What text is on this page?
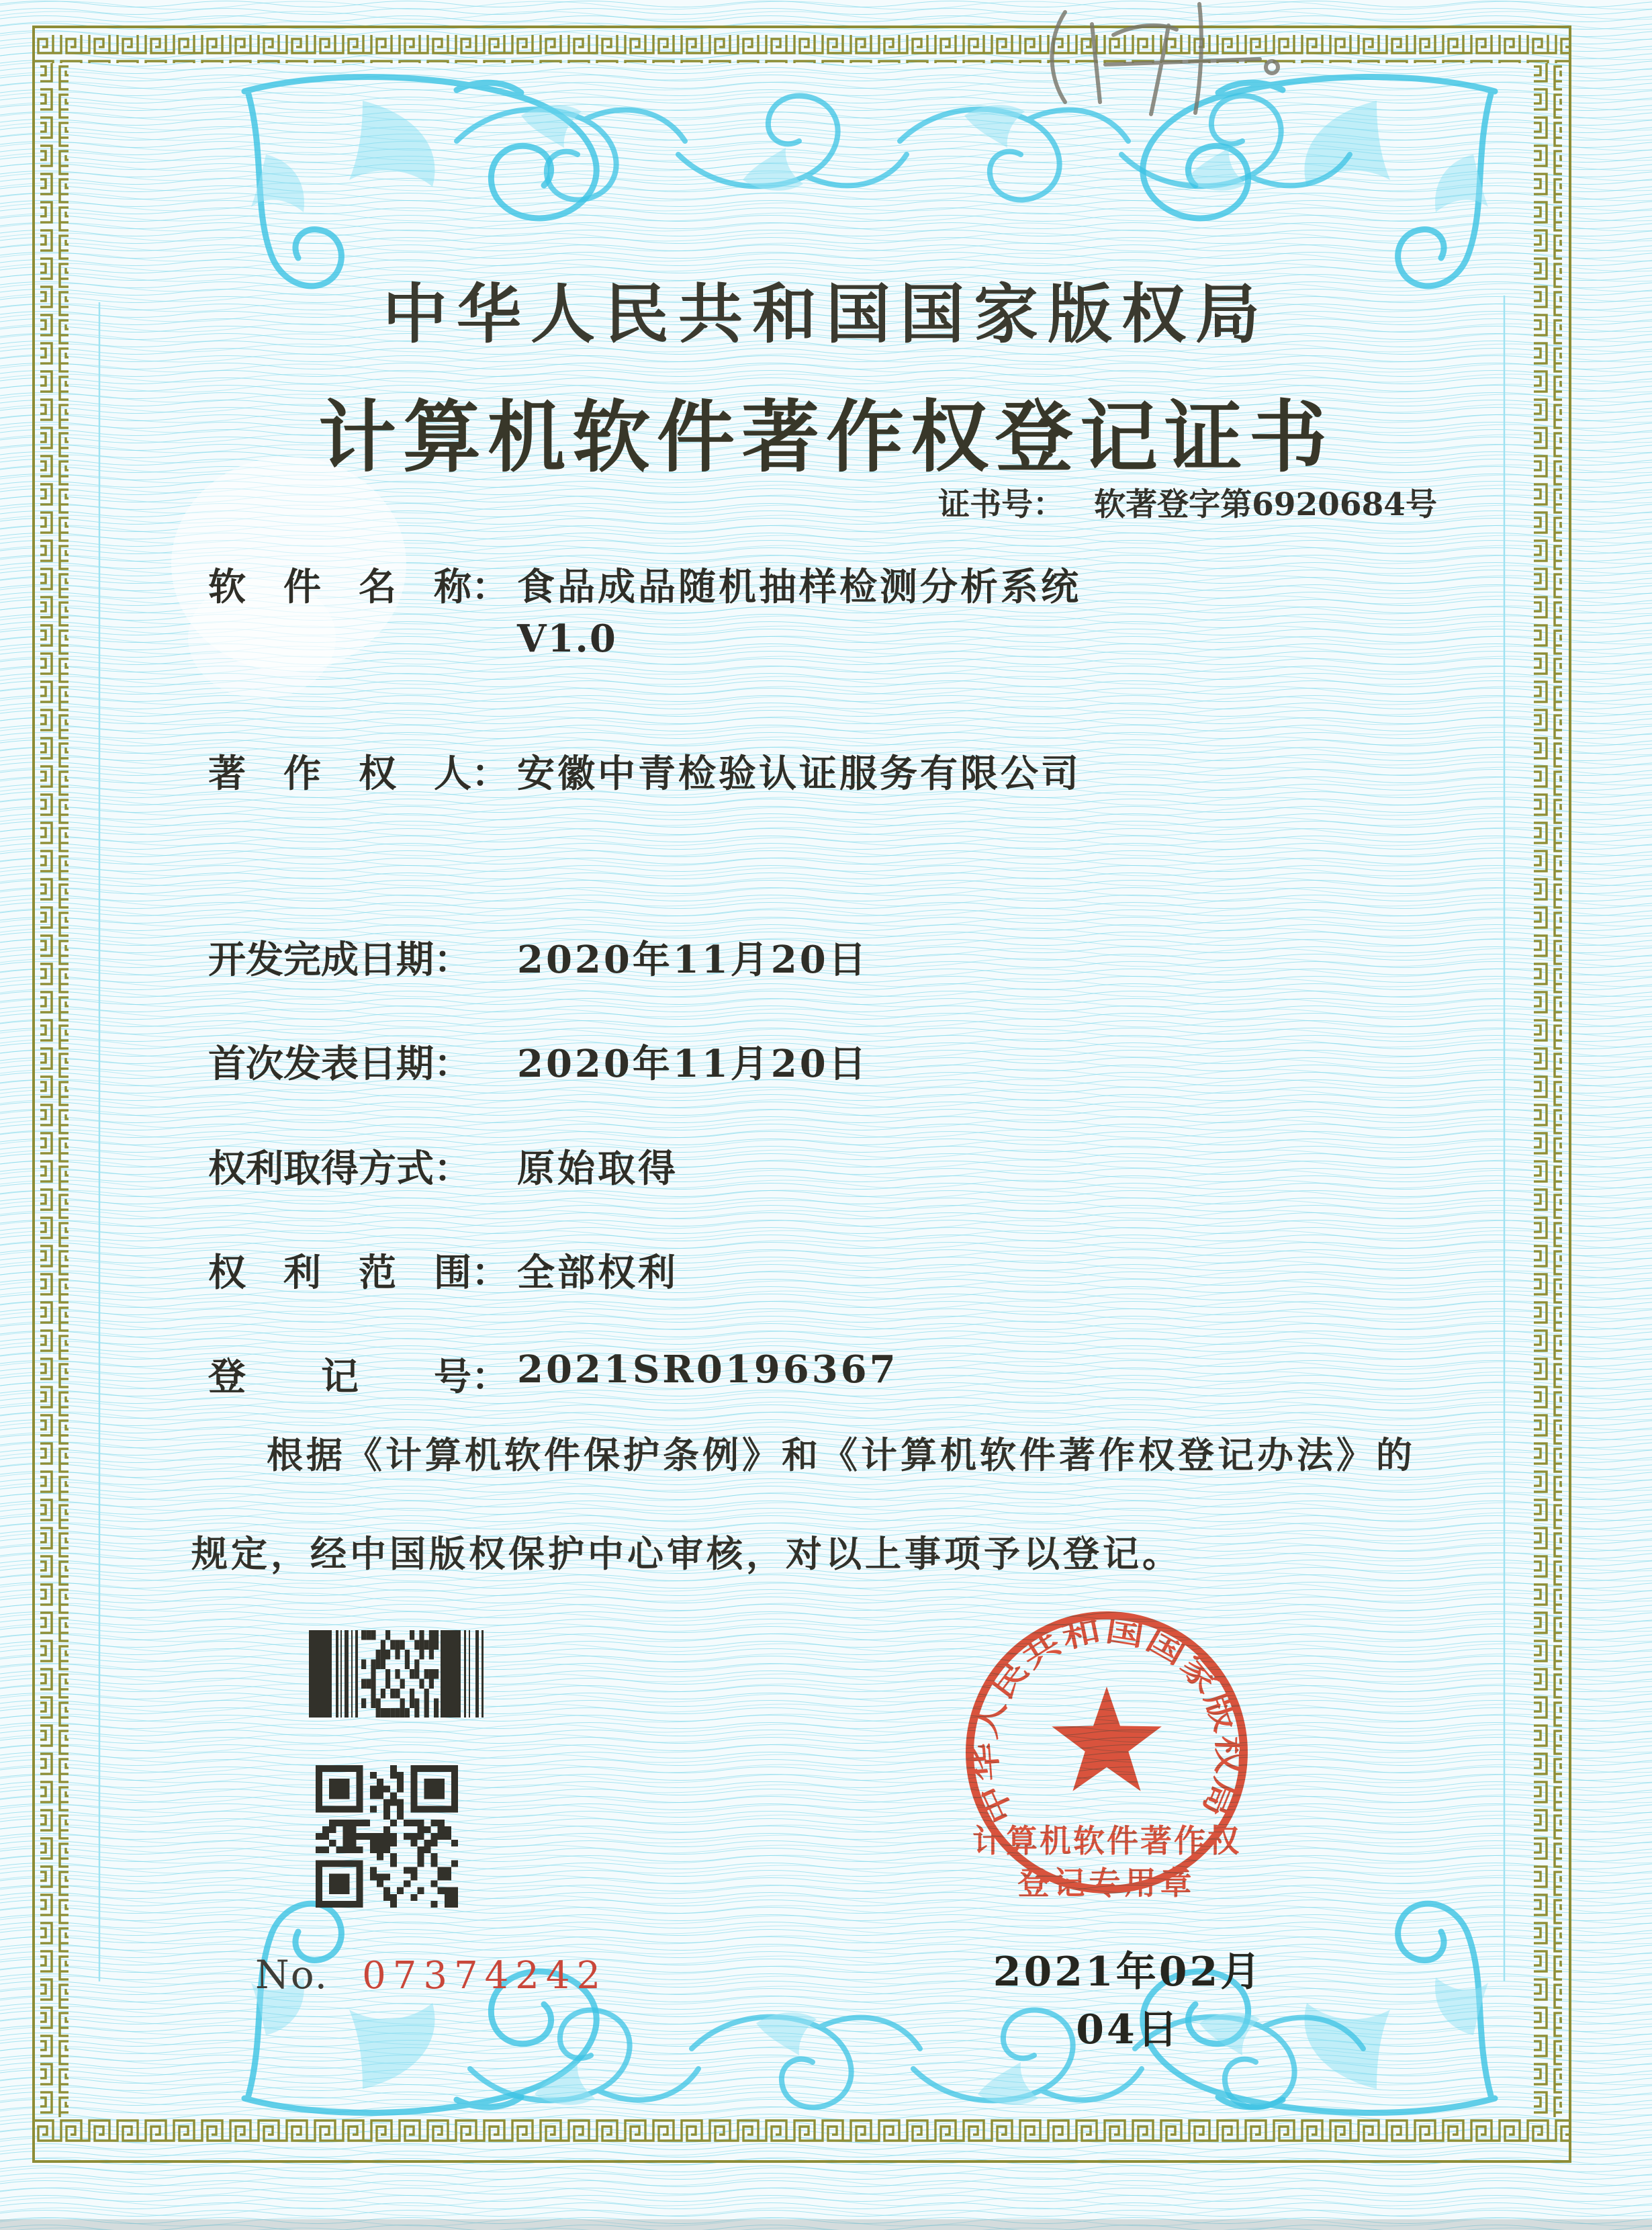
中华人民共和国国家版权局
计算机软件著作权登记证书
证书号： 软著登字第6920684号
软　件　名　称： 食品成品随机抽样检测分析系统
V1.0
著　作　权　人： 安徽中青检验认证服务有限公司
开发完成日期： 2020年11月20日
首次发表日期： 2020年11月20日
权利取得方式： 原始取得
权　利　范　围： 全部权利
登　　记　　号： 2021SR0196367
根据《计算机软件保护条例》和《计算机软件著作权登记办法》的
规定，经中国版权保护中心审核，对以上事项予以登记。
No. 07374242
中华人民共和国国家版权局
计算机软件著作权
登记专用章
2021年02月04日
